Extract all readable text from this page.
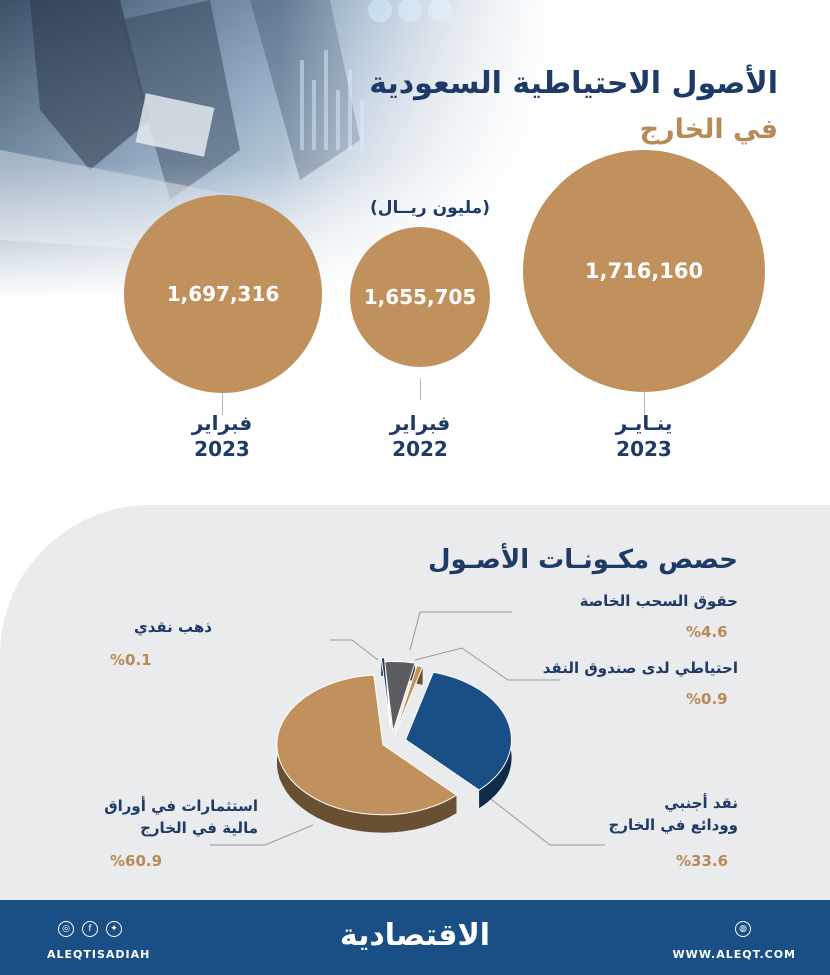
الأصول الاحتياطية السعودية
في الخارج
(مليون ريــال)
1,697,316	1,655,705
1,716,160
فبراير
2023
فبراير
2022
ينـايـر
2023
حصص مكـونـات الأصـول
حقوق السحب الخاصة
%4.6
احتياطي لدى صندوق النقد
%0.9
نقد أجنبي
وودائع في الخارج
%33.6
ذهب نقدي
%0.1
استثمارات في أوراق
مالية في الخارج
%60.9
◎	f	✦
ALEQTISADIAH
الاقتصادية	◍
WWW.ALEQT.COM
